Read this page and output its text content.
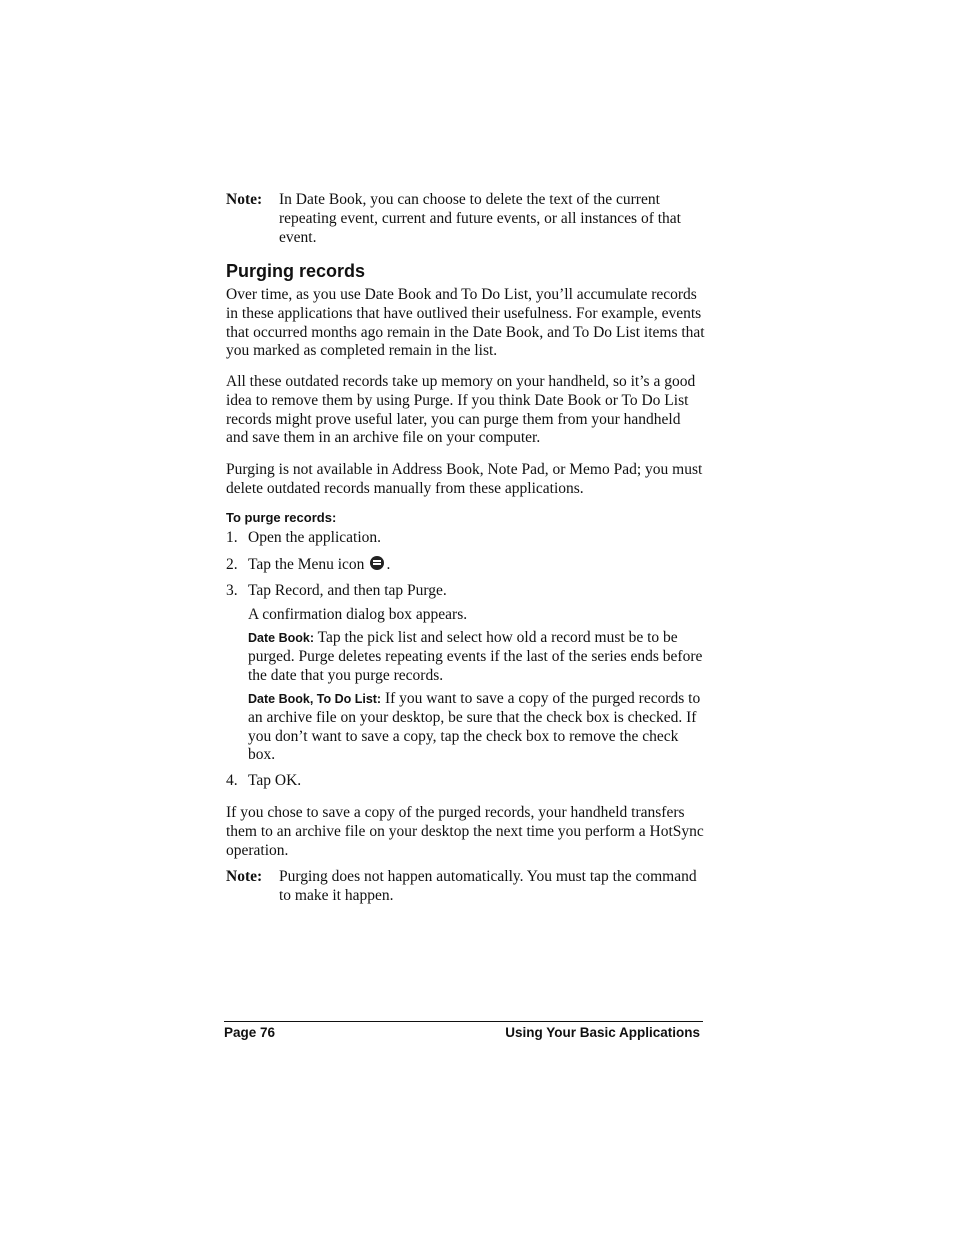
Note:	In Date Book, you can choose to delete the text of the current repeating event, current and future events, or all instances of that event.
Purging records

Over time, as you use Date Book and To Do List, you’ll accumulate records in these applications that have outlived their usefulness. For example, events that occurred months ago remain in the Date Book, and To Do List items that you marked as completed remain in the list.

All these outdated records take up memory on your handheld, so it’s a good idea to remove them by using Purge. If you think Date Book or To Do List records might prove useful later, you can purge them from your handheld and save them in an archive file on your computer.

Purging is not available in Address Book, Note Pad, or Memo Pad; you must delete outdated records manually from these applications.

To purge records:
1. Open the application.
2. Tap the Menu icon .
3. Tap Record, and then tap Purge.

A confirmation dialog box appears.

Date Book: Tap the pick list and select how old a record must be to be purged. Purge deletes repeating events if the last of the series ends before the date that you purge records.

Date Book, To Do List: If you want to save a copy of the purged records to an archive file on your desktop, be sure that the check box is checked. If you don’t want to save a copy, tap the check box to remove the check box.

4. Tap OK.

If you chose to save a copy of the purged records, your handheld transfers them to an archive file on your desktop the next time you perform a HotSync operation.

Note:	Purging does not happen automatically. You must tap the command to make it happen.
Page 76	Using Your Basic Applications
